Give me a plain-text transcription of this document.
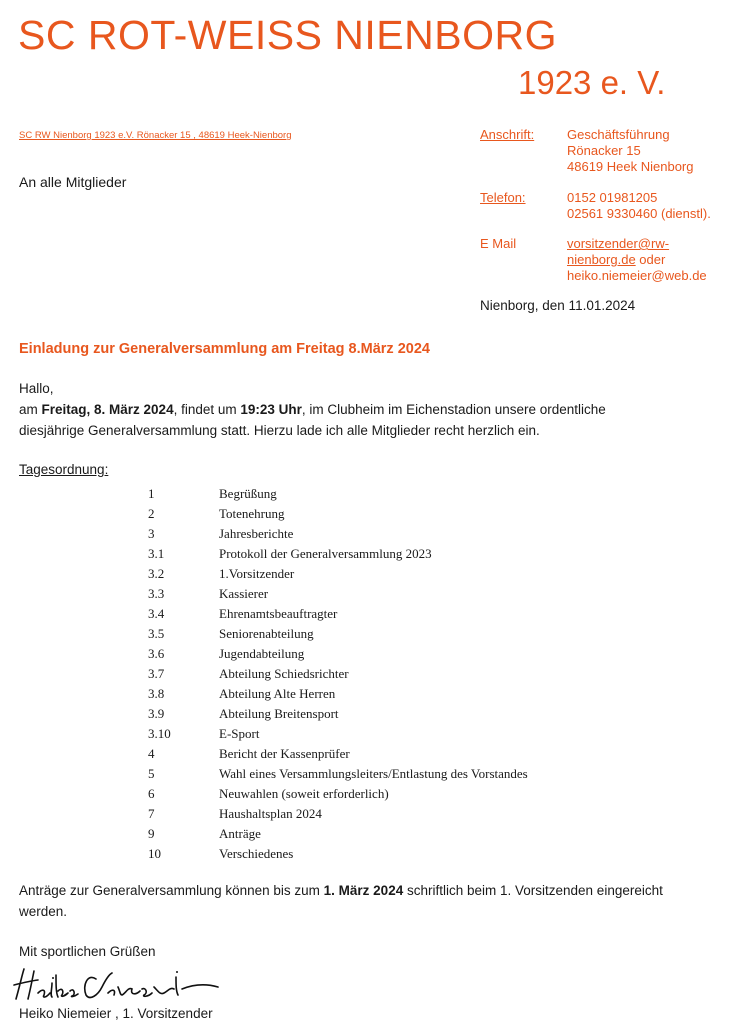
SC ROT-WEISS NIENBORG
1923 e. V.
SC RW Nienborg 1923 e.V. Rönacker 15 , 48619 Heek-Nienborg
An alle Mitglieder
Anschrift:	Geschäftsführung
Rönacker 15
48619 Heek Nienborg
Telefon:	0152 01981205
02561 9330460 (dienstl).
E Mail	vorsitzender@rw-
nienborg.de oder
heiko.niemeier@web.de
Nienborg, den 11.01.2024
Einladung zur Generalversammlung am Freitag 8.März 2024
Hallo,
am Freitag, 8. März 2024, findet um 19:23 Uhr, im Clubheim im Eichenstadion unsere ordentliche
diesjährige Generalversammlung statt. Hierzu lade ich alle Mitglieder recht herzlich ein.
Tagesordnung:
1	Begrüßung
2	Totenehrung
3	Jahresberichte
3.1	Protokoll der Generalversammlung 2023
3.2	1.Vorsitzender
3.3	Kassierer
3.4	Ehrenamtsbeauftragter
3.5	Seniorenabteilung
3.6	Jugendabteilung
3.7	Abteilung Schiedsrichter
3.8	Abteilung Alte Herren
3.9	Abteilung Breitensport
3.10	E-Sport
4	Bericht der Kassenprüfer
5	Wahl eines Versammlungsleiters/Entlastung des Vorstandes
6	Neuwahlen (soweit erforderlich)
7	Haushaltsplan 2024
9	Anträge
10	Verschiedenes
Anträge zur Generalversammlung können bis zum 1. März 2024 schriftlich beim 1. Vorsitzenden eingereicht
werden.
Mit sportlichen Grüßen
Heiko Niemeier , 1. Vorsitzender
